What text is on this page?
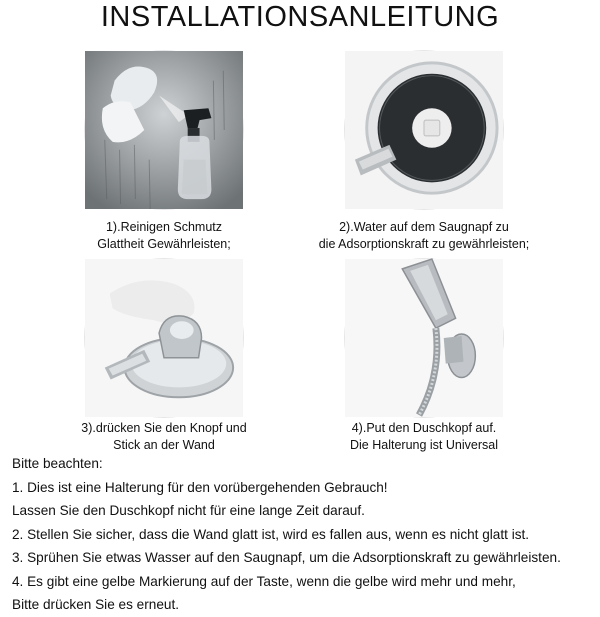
INSTALLATIONSANLEITUNG
1).Reinigen Schmutz
Glattheit Gewährleisten;
2).Water auf dem Saugnapf zu
die Adsorptionskraft zu gewährleisten;
3).drücken Sie den Knopf und
Stick an der Wand
4).Put den Duschkopf auf.
Die Halterung ist Universal
Bitte beachten:
1. Dies ist eine Halterung für den vorübergehenden Gebrauch!
Lassen Sie den Duschkopf nicht für eine lange Zeit darauf.
2. Stellen Sie sicher, dass die Wand glatt ist, wird es fallen aus, wenn es nicht glatt ist.
3. Sprühen Sie etwas Wasser auf den Saugnapf, um die Adsorptionskraft zu gewährleisten.
4. Es gibt eine gelbe Markierung auf der Taste, wenn die gelbe wird mehr und mehr,
Bitte drücken Sie es erneut.
